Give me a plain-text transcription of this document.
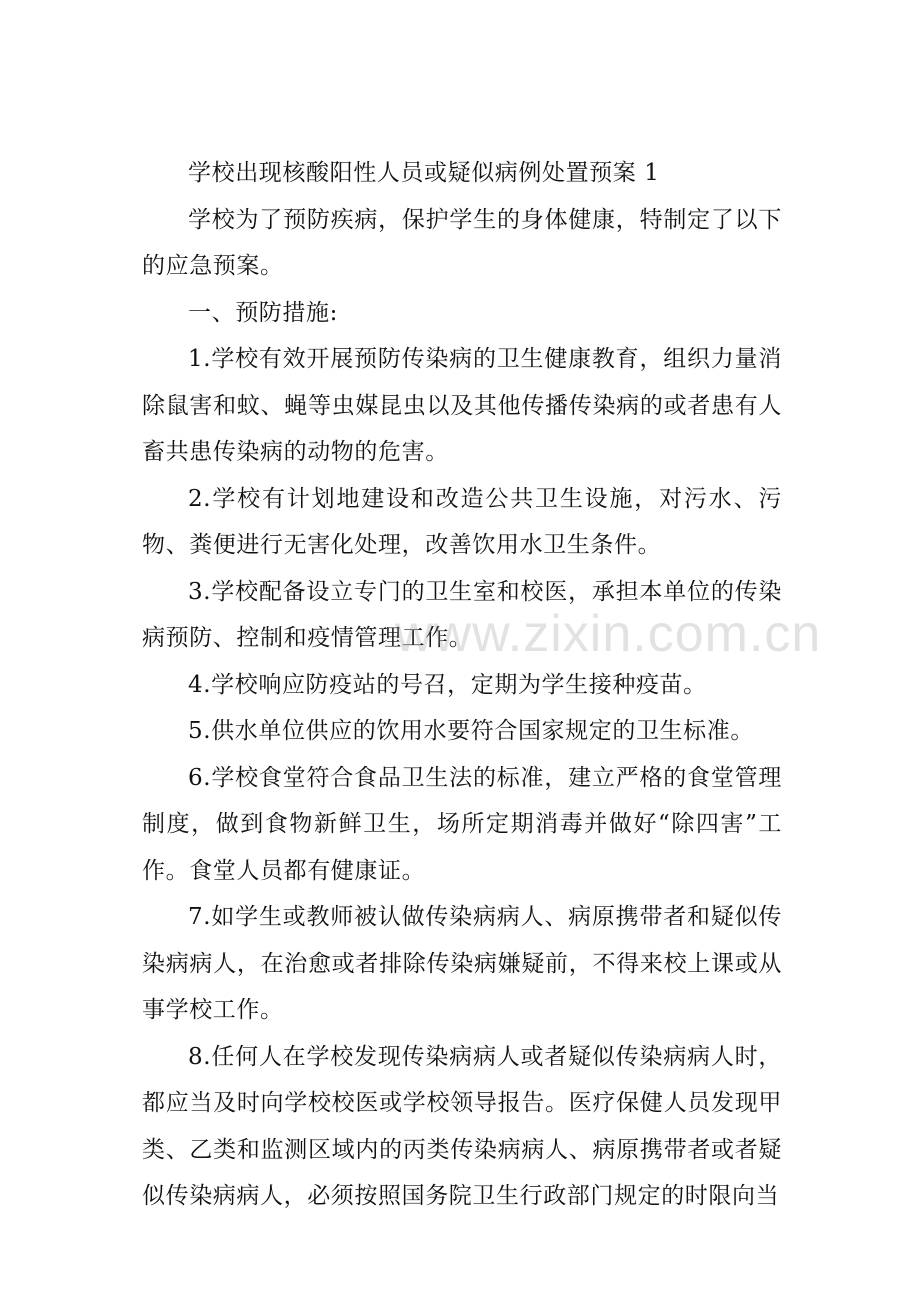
学校出现核酸阳性人员或疑似病例处置预案 1

学校为了预防疾病，保护学生的身体健康，特制定了以下的应急预案。

一、预防措施:

1.学校有效开展预防传染病的卫生健康教育，组织力量消除鼠害和蚊、蝇等虫媒昆虫以及其他传播传染病的或者患有人畜共患传染病的动物的危害。

2.学校有计划地建设和改造公共卫生设施，对污水、污物、粪便进行无害化处理，改善饮用水卫生条件。

3.学校配备设立专门的卫生室和校医，承担本单位的传染病预防、控制和疫情管理工作。

4.学校响应防疫站的号召，定期为学生接种疫苗。

5.供水单位供应的饮用水要符合国家规定的卫生标准。

6.学校食堂符合食品卫生法的标准，建立严格的食堂管理制度，做到食物新鲜卫生，场所定期消毒并做好“除四害”工作。食堂人员都有健康证。

7.如学生或教师被认做传染病病人、病原携带者和疑似传染病病人，在治愈或者排除传染病嫌疑前，不得来校上课或从事学校工作。

8.任何人在学校发现传染病病人或者疑似传染病病人时，都应当及时向学校校医或学校领导报告。医疗保健人员发现甲类、乙类和监测区域内的丙类传染病病人、病原携带者或者疑似传染病病人，必须按照国务院卫生行政部门规定的时限向当

www.zixin.com.cn
